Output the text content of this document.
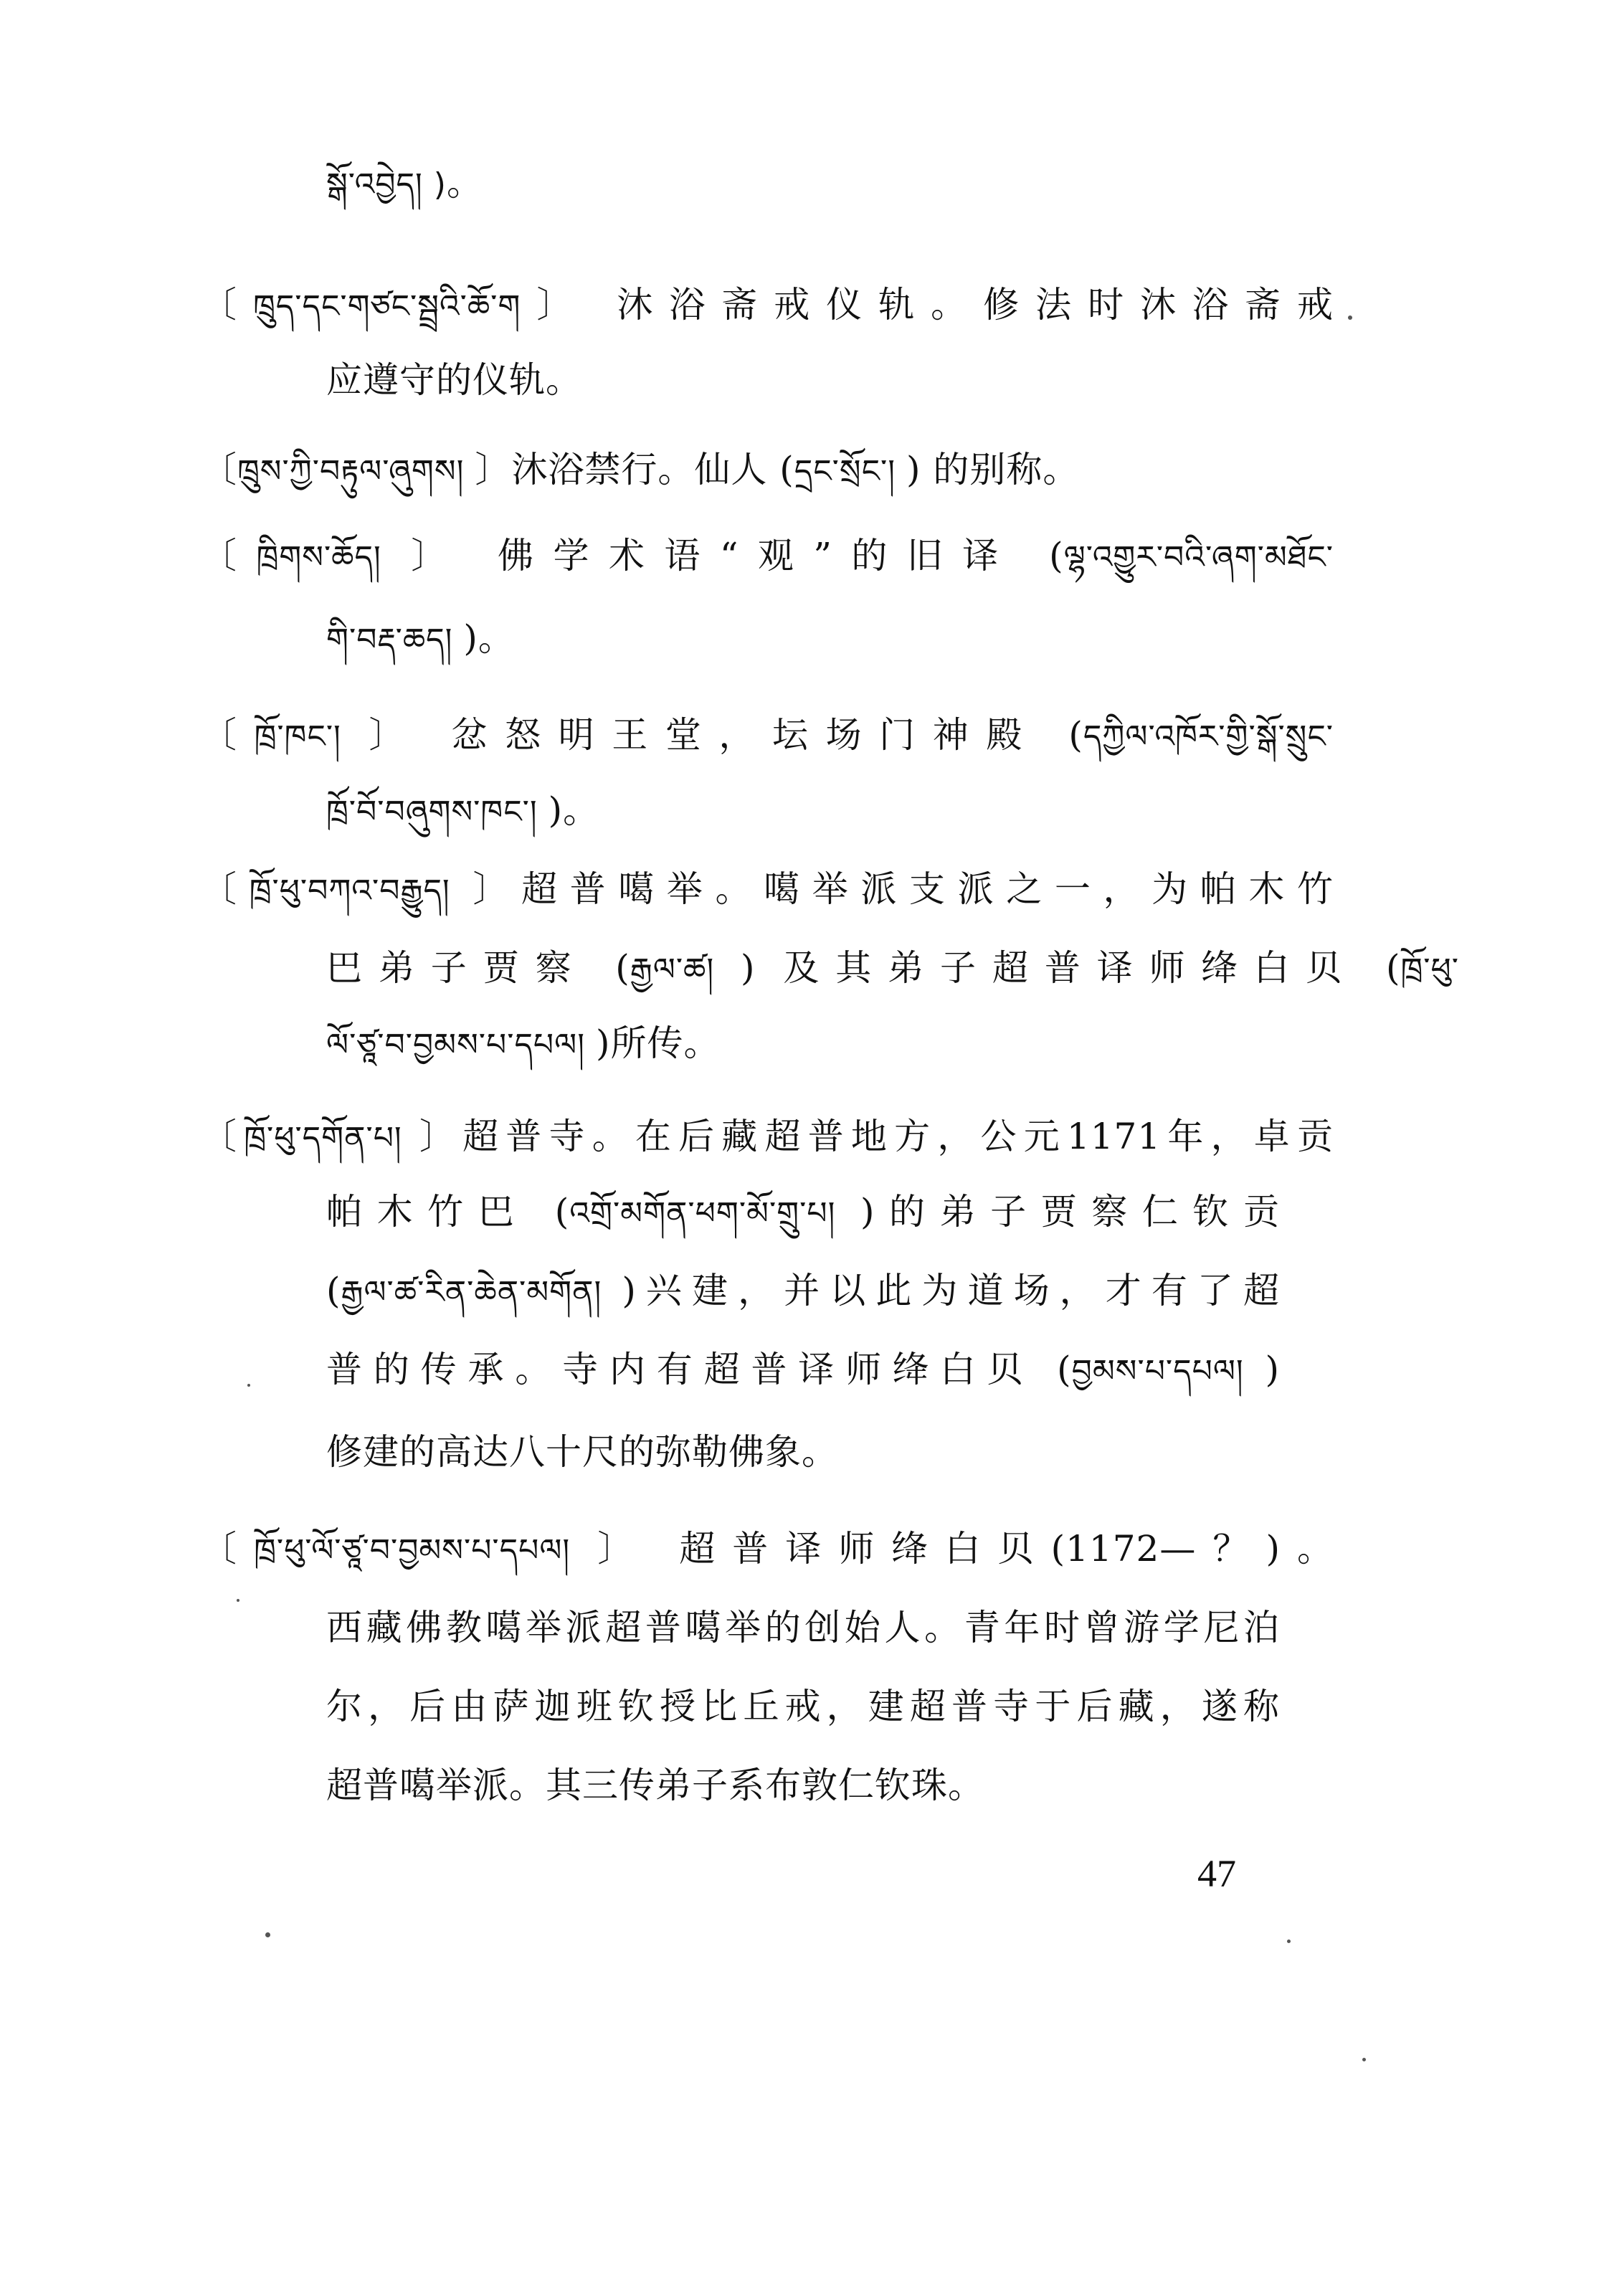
སྒོ་འབྱེད། )。
〔ཁྲུད་དང་གཙང་སྦྲའི་ཆོ་ག〕 沐浴斋戒仪轨。修法时沐浴斋戒
应遵守的仪轨。
〔ཁྲུས་ཀྱི་བརྟུལ་ཞུགས། 〕沐浴禁行。仙人 (དྲང་སྲོང་། ) 的别称。
〔ཁྲིགས་ཆོད། 〕 佛学术语“观”的旧译 (ལྷ་འགྱུར་བའི་ཞག་མཐོང་
གི་བརྡ་ཆད། )。
〔ཁྲོ་ཁང་། 〕 忿怒明王堂，坛场门神殿 (དཀྱིལ་འཁོར་གྱི་སྒོ་སྲུང་
ཁྲོ་བོ་བཞུགས་ཁང་། )。
〔ཁྲོ་ཕུ་བཀའ་བརྒྱུད། 〕超普噶举。噶举派支派之一，为帕木竹
巴弟子贾察 (རྒྱལ་ཚ། ) 及其弟子超普译师绛白贝 (ཁྲོ་ཕུ་
ལོ་ཙཱ་བ་བྱམས་པ་དཔལ། )所传。
〔ཁྲོ་ཕུ་དགོན་པ། 〕超普寺。在后藏超普地方，公元1171年，卓贡
帕木竹巴 (འགྲོ་མགོན་ཕག་མོ་གྲུ་པ། )的弟子贾察仁钦贡
(རྒྱལ་ཚ་རིན་ཆེན་མགོན། )兴建，并以此为道场，才有了超
普的传承。寺内有超普译师绛白贝 (བྱམས་པ་དཔལ། )
修建的高达八十尺的弥勒佛象。
〔ཁྲོ་ཕུ་ལོ་ཙཱ་བ་བྱམས་པ་དཔལ། 〕 超普译师绛白贝(1172—？)。
西藏佛教噶举派超普噶举的创始人。青年时曾游学尼泊
尔，后由萨迦班钦授比丘戒，建超普寺于后藏，遂称
超普噶举派。其三传弟子系布敦仁钦珠。
47
